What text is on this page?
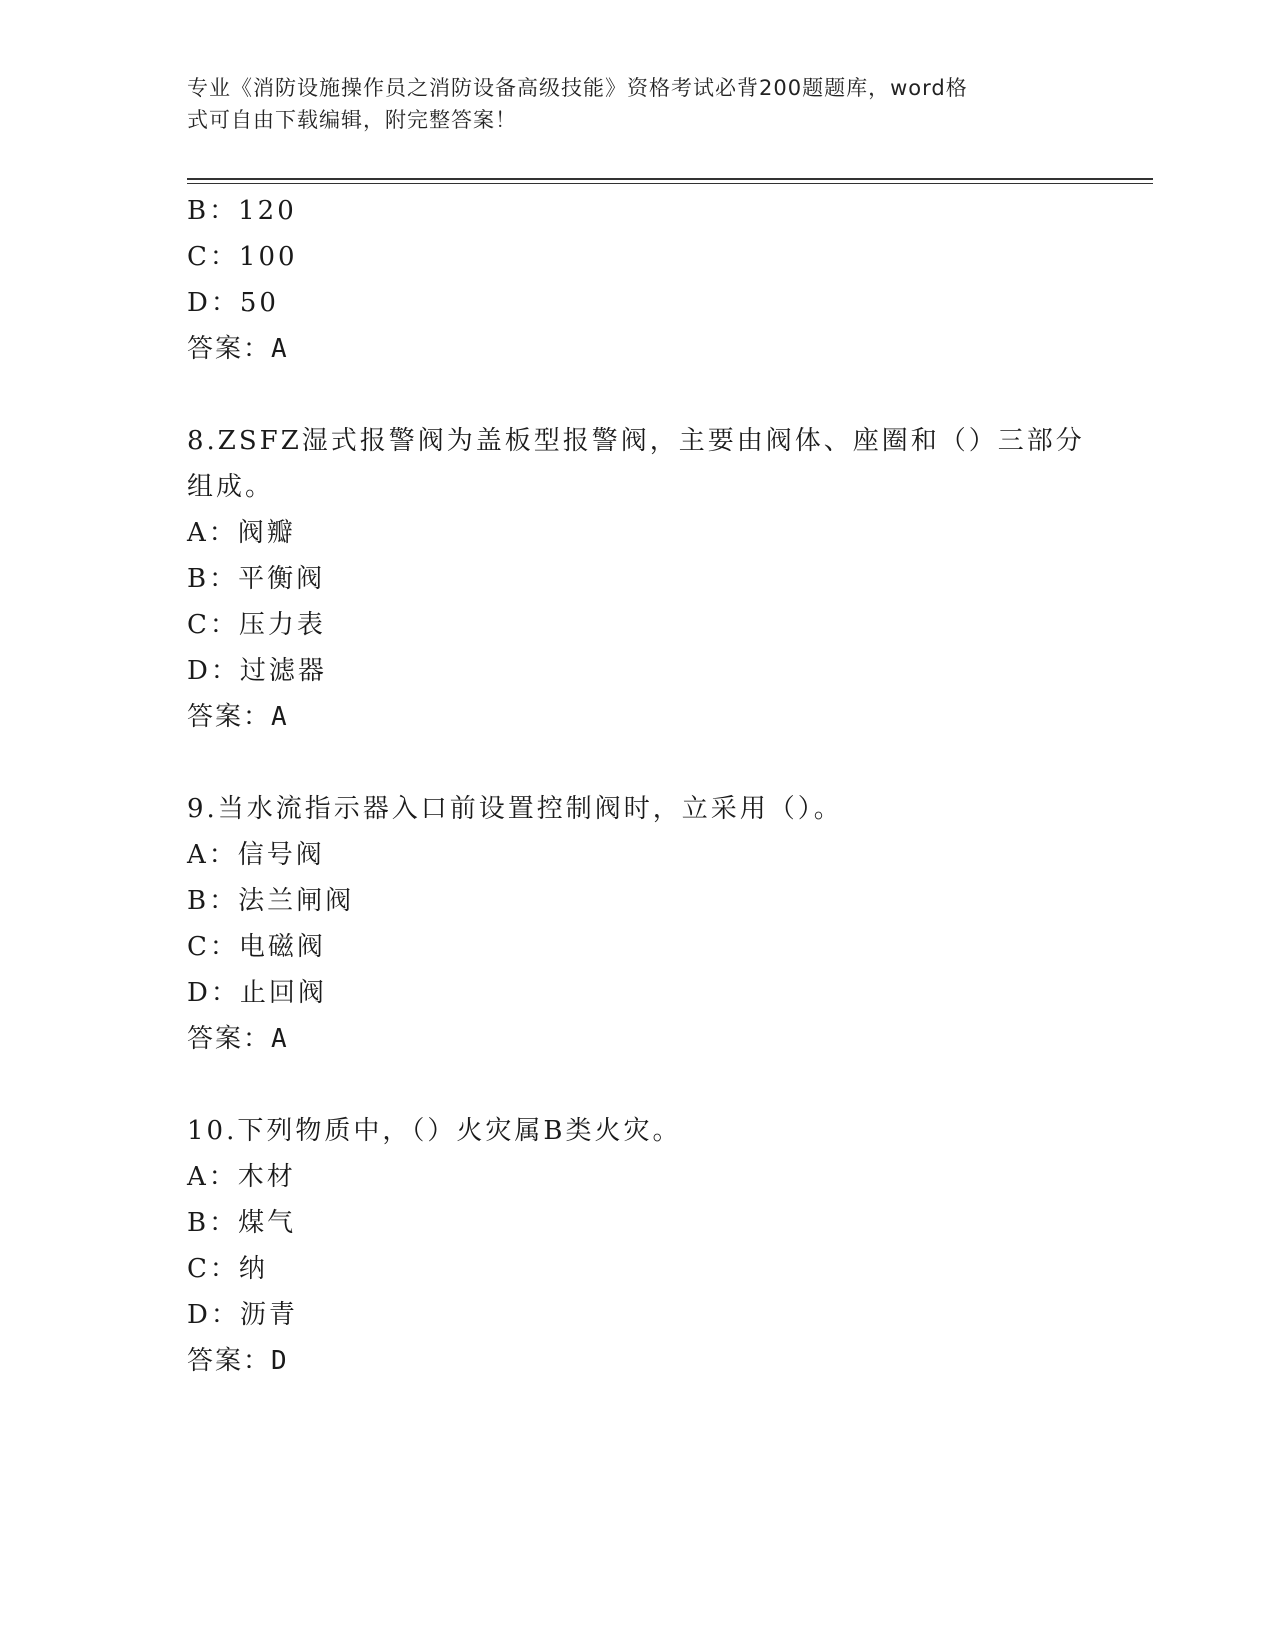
专业《消防设施操作员之消防设备高级技能》资格考试必背200题题库，word格
式可自由下载编辑，附完整答案！
B：120
C：100
D：50
答案：A
8.ZSFZ湿式报警阀为盖板型报警阀，主要由阀体、座圈和（）三部分
组成。
A：阀瓣
B：平衡阀
C：压力表
D：过滤器
答案：A
9.当水流指示器入口前设置控制阀时，立采用（）。
A：信号阀
B：法兰闸阀
C：电磁阀
D：止回阀
答案：A
10.下列物质中，（）火灾属B类火灾。
A：木材
B：煤气
C：纳
D：沥青
答案：D
